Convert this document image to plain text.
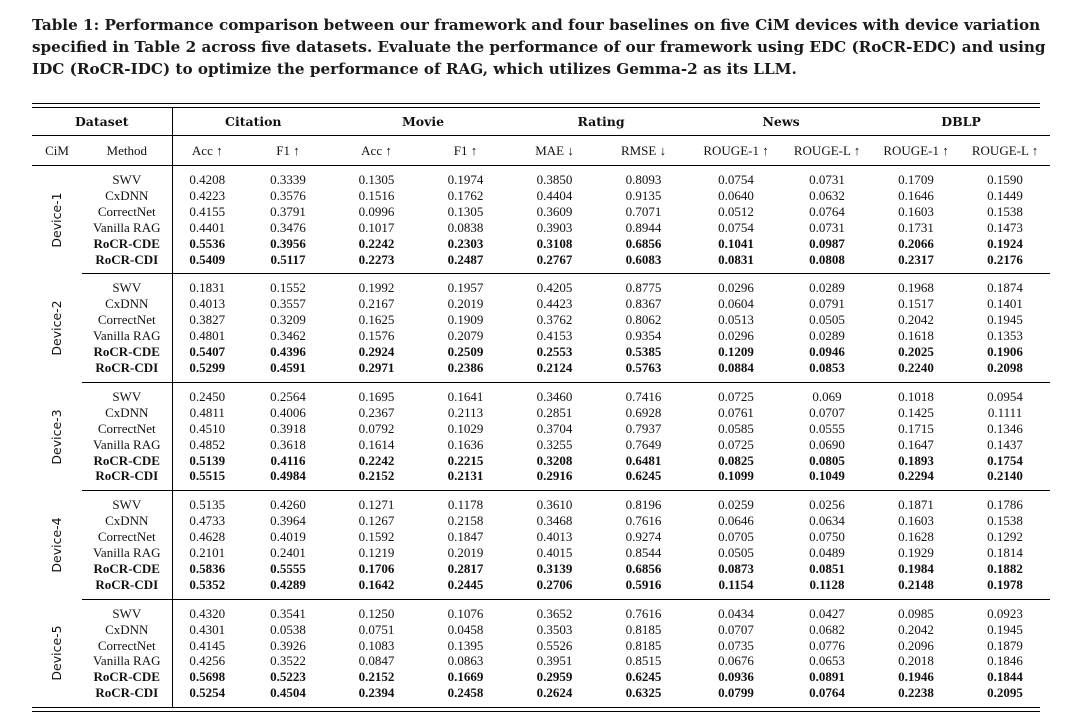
Table 1: Performance comparison between our framework and four baselines on five CiM devices with device variation specified in Table 2 across five datasets. Evaluate the performance of our framework using EDC (RoCR-EDC) and using IDC (RoCR-IDC) to optimize the performance of RAG, which utilizes Gemma-2 as its LLM.
Dataset		Citation		Movie		Rating		News		DBLP	
CiM	Method	Acc ↑	F1 ↑	Acc ↑	F1 ↑	MAE ↓	RMSE ↓	ROUGE-1 ↑	ROUGE-L ↑	ROUGE-1 ↑	ROUGE-L ↑

Device-1	SWV	0.4208	0.3339	0.1305	0.1974	0.3850	0.8093	0.0754	0.0731	0.1709	0.1590
	CxDNN	0.4223	0.3576	0.1516	0.1762	0.4404	0.9135	0.0640	0.0632	0.1646	0.1449
	CorrectNet	0.4155	0.3791	0.0996	0.1305	0.3609	0.7071	0.0512	0.0764	0.1603	0.1538
	Vanilla RAG	0.4401	0.3476	0.1017	0.0838	0.3903	0.8944	0.0754	0.0731	0.1731	0.1473
	RoCR-CDE	0.5536	0.3956	0.2242	0.2303	0.3108	0.6856	0.1041	0.0987	0.2066	0.1924
	RoCR-CDI	0.5409	0.5117	0.2273	0.2487	0.2767	0.6083	0.0831	0.0808	0.2317	0.2176

Device-2	SWV	0.1831	0.1552	0.1992	0.1957	0.4205	0.8775	0.0296	0.0289	0.1968	0.1874
	CxDNN	0.4013	0.3557	0.2167	0.2019	0.4423	0.8367	0.0604	0.0791	0.1517	0.1401
	CorrectNet	0.3827	0.3209	0.1625	0.1909	0.3762	0.8062	0.0513	0.0505	0.2042	0.1945
	Vanilla RAG	0.4801	0.3462	0.1576	0.2079	0.4153	0.9354	0.0296	0.0289	0.1618	0.1353
	RoCR-CDE	0.5407	0.4396	0.2924	0.2509	0.2553	0.5385	0.1209	0.0946	0.2025	0.1906
	RoCR-CDI	0.5299	0.4591	0.2971	0.2386	0.2124	0.5763	0.0884	0.0853	0.2240	0.2098

Device-3	SWV	0.2450	0.2564	0.1695	0.1641	0.3460	0.7416	0.0725	0.069	0.1018	0.0954
	CxDNN	0.4811	0.4006	0.2367	0.2113	0.2851	0.6928	0.0761	0.0707	0.1425	0.1111
	CorrectNet	0.4510	0.3918	0.0792	0.1029	0.3704	0.7937	0.0585	0.0555	0.1715	0.1346
	Vanilla RAG	0.4852	0.3618	0.1614	0.1636	0.3255	0.7649	0.0725	0.0690	0.1647	0.1437
	RoCR-CDE	0.5139	0.4116	0.2242	0.2215	0.3208	0.6481	0.0825	0.0805	0.1893	0.1754
	RoCR-CDI	0.5515	0.4984	0.2152	0.2131	0.2916	0.6245	0.1099	0.1049	0.2294	0.2140

Device-4	SWV	0.5135	0.4260	0.1271	0.1178	0.3610	0.8196	0.0259	0.0256	0.1871	0.1786
	CxDNN	0.4733	0.3964	0.1267	0.2158	0.3468	0.7616	0.0646	0.0634	0.1603	0.1538
	CorrectNet	0.4628	0.4019	0.1592	0.1847	0.4013	0.9274	0.0705	0.0750	0.1628	0.1292
	Vanilla RAG	0.2101	0.2401	0.1219	0.2019	0.4015	0.8544	0.0505	0.0489	0.1929	0.1814
	RoCR-CDE	0.5836	0.5555	0.1706	0.2817	0.3139	0.6856	0.0873	0.0851	0.1984	0.1882
	RoCR-CDI	0.5352	0.4289	0.1642	0.2445	0.2706	0.5916	0.1154	0.1128	0.2148	0.1978

Device-5	SWV	0.4320	0.3541	0.1250	0.1076	0.3652	0.7616	0.0434	0.0427	0.0985	0.0923
	CxDNN	0.4301	0.0538	0.0751	0.0458	0.3503	0.8185	0.0707	0.0682	0.2042	0.1945
	CorrectNet	0.4145	0.3926	0.1083	0.1395	0.5526	0.8185	0.0735	0.0776	0.2096	0.1879
	Vanilla RAG	0.4256	0.3522	0.0847	0.0863	0.3951	0.8515	0.0676	0.0653	0.2018	0.1846
	RoCR-CDE	0.5698	0.5223	0.2152	0.1669	0.2959	0.6245	0.0936	0.0891	0.1946	0.1844
	RoCR-CDI	0.5254	0.4504	0.2394	0.2458	0.2624	0.6325	0.0799	0.0764	0.2238	0.2095
